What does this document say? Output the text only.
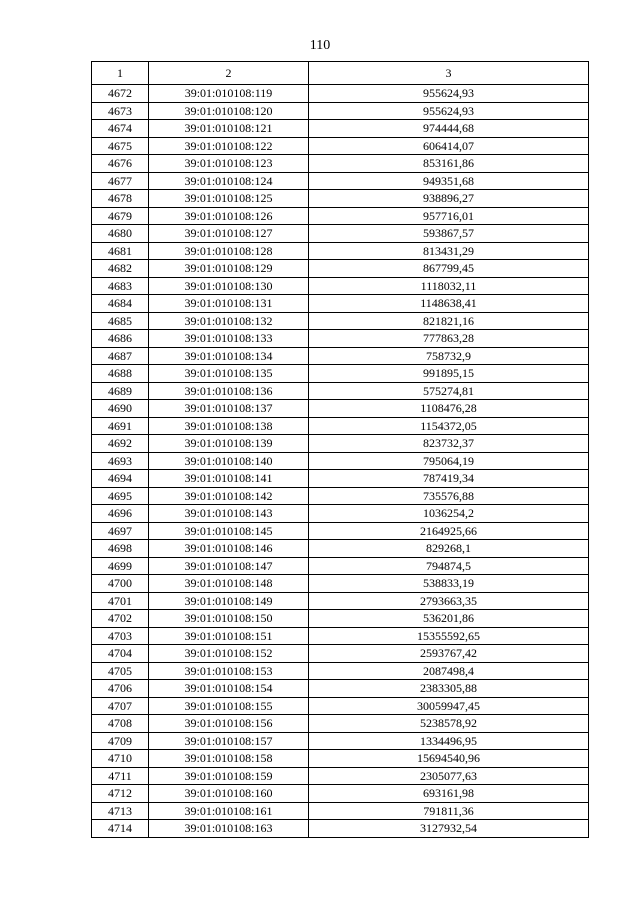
110
1	2	3
4672	39:01:010108:119	955624,93
4673	39:01:010108:120	955624,93
4674	39:01:010108:121	974444,68
4675	39:01:010108:122	606414,07
4676	39:01:010108:123	853161,86
4677	39:01:010108:124	949351,68
4678	39:01:010108:125	938896,27
4679	39:01:010108:126	957716,01
4680	39:01:010108:127	593867,57
4681	39:01:010108:128	813431,29
4682	39:01:010108:129	867799,45
4683	39:01:010108:130	1118032,11
4684	39:01:010108:131	1148638,41
4685	39:01:010108:132	821821,16
4686	39:01:010108:133	777863,28
4687	39:01:010108:134	758732,9
4688	39:01:010108:135	991895,15
4689	39:01:010108:136	575274,81
4690	39:01:010108:137	1108476,28
4691	39:01:010108:138	1154372,05
4692	39:01:010108:139	823732,37
4693	39:01:010108:140	795064,19
4694	39:01:010108:141	787419,34
4695	39:01:010108:142	735576,88
4696	39:01:010108:143	1036254,2
4697	39:01:010108:145	2164925,66
4698	39:01:010108:146	829268,1
4699	39:01:010108:147	794874,5
4700	39:01:010108:148	538833,19
4701	39:01:010108:149	2793663,35
4702	39:01:010108:150	536201,86
4703	39:01:010108:151	15355592,65
4704	39:01:010108:152	2593767,42
4705	39:01:010108:153	2087498,4
4706	39:01:010108:154	2383305,88
4707	39:01:010108:155	30059947,45
4708	39:01:010108:156	5238578,92
4709	39:01:010108:157	1334496,95
4710	39:01:010108:158	15694540,96
4711	39:01:010108:159	2305077,63
4712	39:01:010108:160	693161,98
4713	39:01:010108:161	791811,36
4714	39:01:010108:163	3127932,54
